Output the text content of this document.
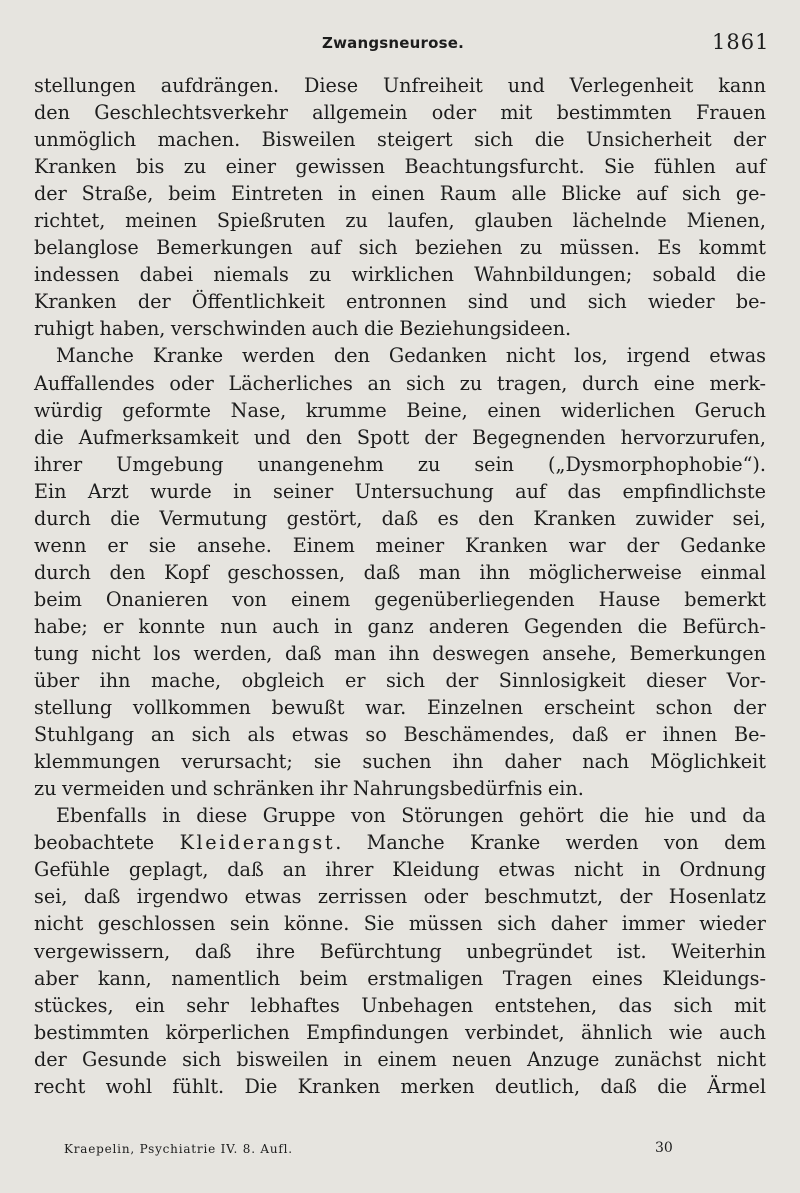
Zwangsneurose.	1861
stellungen aufdrängen. Diese Unfreiheit und Verlegenheit kann
den Geschlechtsverkehr allgemein oder mit bestimmten Frauen
unmöglich machen. Bisweilen steigert sich die Unsicherheit der
Kranken bis zu einer gewissen Beachtungsfurcht. Sie fühlen auf
der Straße, beim Eintreten in einen Raum alle Blicke auf sich ge-
richtet, meinen Spießruten zu laufen, glauben lächelnde Mienen,
belanglose Bemerkungen auf sich beziehen zu müssen. Es kommt
indessen dabei niemals zu wirklichen Wahnbildungen; sobald die
Kranken der Öffentlichkeit entronnen sind und sich wieder be-
ruhigt haben, verschwinden auch die Beziehungsideen.
Manche Kranke werden den Gedanken nicht los, irgend etwas
Auffallendes oder Lächerliches an sich zu tragen, durch eine merk-
würdig geformte Nase, krumme Beine, einen widerlichen Geruch
die Aufmerksamkeit und den Spott der Begegnenden hervorzurufen,
ihrer Umgebung unangenehm zu sein („Dysmorphophobie“).
Ein Arzt wurde in seiner Untersuchung auf das empfindlichste
durch die Vermutung gestört, daß es den Kranken zuwider sei,
wenn er sie ansehe. Einem meiner Kranken war der Gedanke
durch den Kopf geschossen, daß man ihn möglicherweise einmal
beim Onanieren von einem gegenüberliegenden Hause bemerkt
habe; er konnte nun auch in ganz anderen Gegenden die Befürch-
tung nicht los werden, daß man ihn deswegen ansehe, Bemerkungen
über ihn mache, obgleich er sich der Sinnlosigkeit dieser Vor-
stellung vollkommen bewußt war. Einzelnen erscheint schon der
Stuhlgang an sich als etwas so Beschämendes, daß er ihnen Be-
klemmungen verursacht; sie suchen ihn daher nach Möglichkeit
zu vermeiden und schränken ihr Nahrungsbedürfnis ein.
Ebenfalls in diese Gruppe von Störungen gehört die hie und da
beobachtete Kleiderangst. Manche Kranke werden von dem
Gefühle geplagt, daß an ihrer Kleidung etwas nicht in Ordnung
sei, daß irgendwo etwas zerrissen oder beschmutzt, der Hosenlatz
nicht geschlossen sein könne. Sie müssen sich daher immer wieder
vergewissern, daß ihre Befürchtung unbegründet ist. Weiterhin
aber kann, namentlich beim erstmaligen Tragen eines Kleidungs-
stückes, ein sehr lebhaftes Unbehagen entstehen, das sich mit
bestimmten körperlichen Empfindungen verbindet, ähnlich wie auch
der Gesunde sich bisweilen in einem neuen Anzuge zunächst nicht
recht wohl fühlt. Die Kranken merken deutlich, daß die Ärmel
Kraepelin, Psychiatrie IV. 8. Aufl.	30
